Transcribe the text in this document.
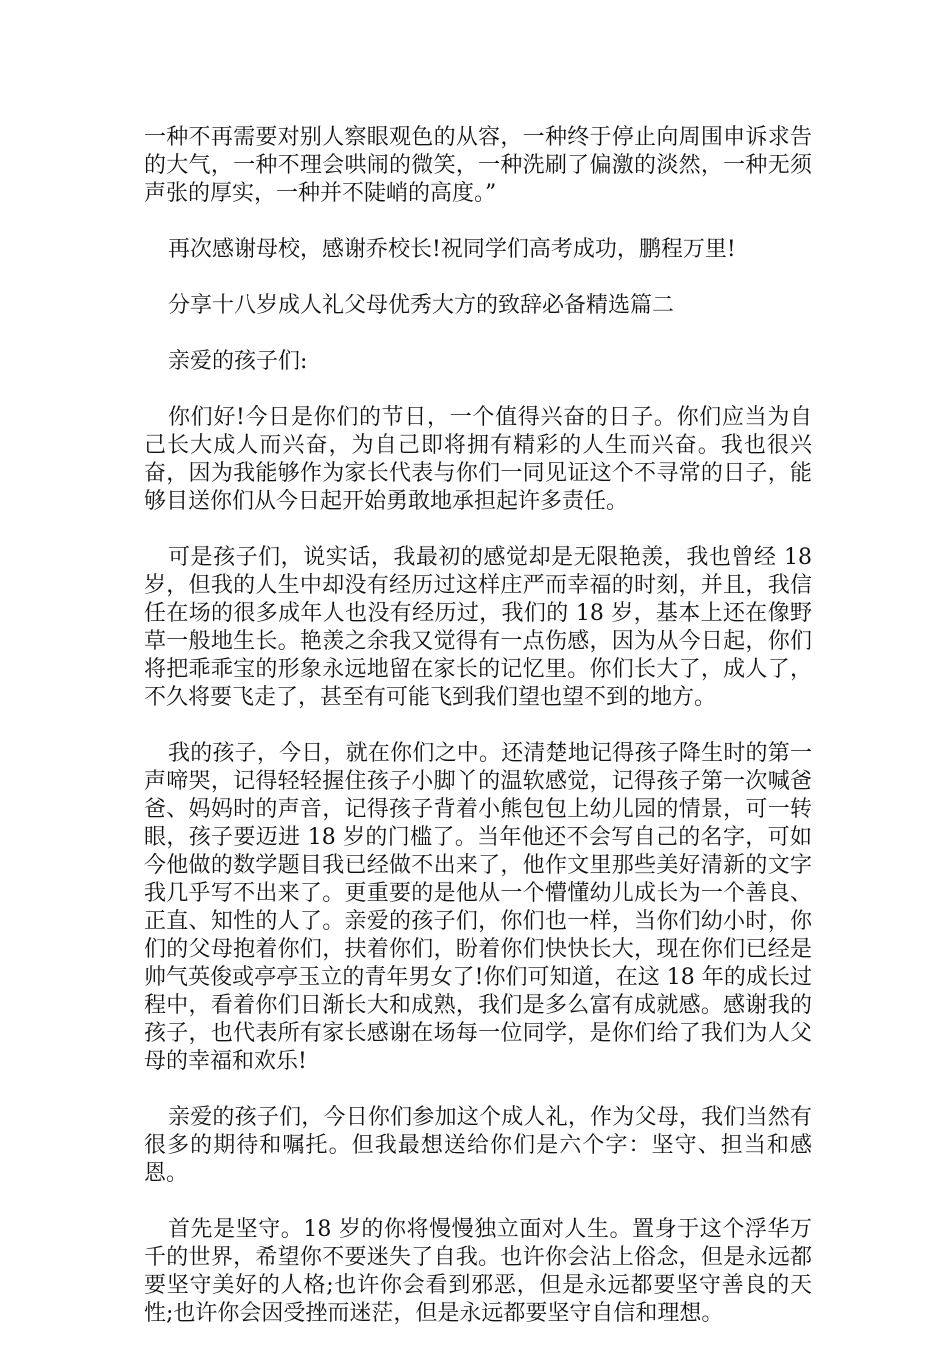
一种不再需要对别人察眼观色的从容，一种终于停止向周围申诉求告的大气，一种不理会哄闹的微笑，一种洗刷了偏激的淡然，一种无须声张的厚实，一种并不陡峭的高度。”

再次感谢母校，感谢乔校长!祝同学们高考成功，鹏程万里!

分享十八岁成人礼父母优秀大方的致辞必备精选篇二

亲爱的孩子们:

你们好!今日是你们的节日，一个值得兴奋的日子。你们应当为自己长大成人而兴奋，为自己即将拥有精彩的人生而兴奋。我也很兴奋，因为我能够作为家长代表与你们一同见证这个不寻常的日子，能够目送你们从今日起开始勇敢地承担起许多责任。

可是孩子们，说实话，我最初的感觉却是无限艳羡，我也曾经 18 岁，但我的人生中却没有经历过这样庄严而幸福的时刻，并且，我信任在场的很多成年人也没有经历过，我们的 18 岁，基本上还在像野草一般地生长。艳羡之余我又觉得有一点伤感，因为从今日起，你们将把乖乖宝的形象永远地留在家长的记忆里。你们长大了，成人了，不久将要飞走了，甚至有可能飞到我们望也望不到的地方。

我的孩子，今日，就在你们之中。还清楚地记得孩子降生时的第一声啼哭，记得轻轻握住孩子小脚丫的温软感觉，记得孩子第一次喊爸爸、妈妈时的声音，记得孩子背着小熊包包上幼儿园的情景，可一转眼，孩子要迈进 18 岁的门槛了。当年他还不会写自己的名字，可如今他做的数学题目我已经做不出来了，他作文里那些美好清新的文字我几乎写不出来了。更重要的是他从一个懵懂幼儿成长为一个善良、正直、知性的人了。亲爱的孩子们，你们也一样，当你们幼小时，你们的父母抱着你们，扶着你们，盼着你们快快长大，现在你们已经是帅气英俊或亭亭玉立的青年男女了!你们可知道，在这 18 年的成长过程中，看着你们日渐长大和成熟，我们是多么富有成就感。感谢我的孩子，也代表所有家长感谢在场每一位同学，是你们给了我们为人父母的幸福和欢乐!

亲爱的孩子们，今日你们参加这个成人礼，作为父母，我们当然有很多的期待和嘱托。但我最想送给你们是六个字：坚守、担当和感恩。

首先是坚守。18 岁的你将慢慢独立面对人生。置身于这个浮华万千的世界，希望你不要迷失了自我。也许你会沾上俗念，但是永远都要坚守美好的人格;也许你会看到邪恶，但是永远都要坚守善良的天性;也许你会因受挫而迷茫，但是永远都要坚守自信和理想。
